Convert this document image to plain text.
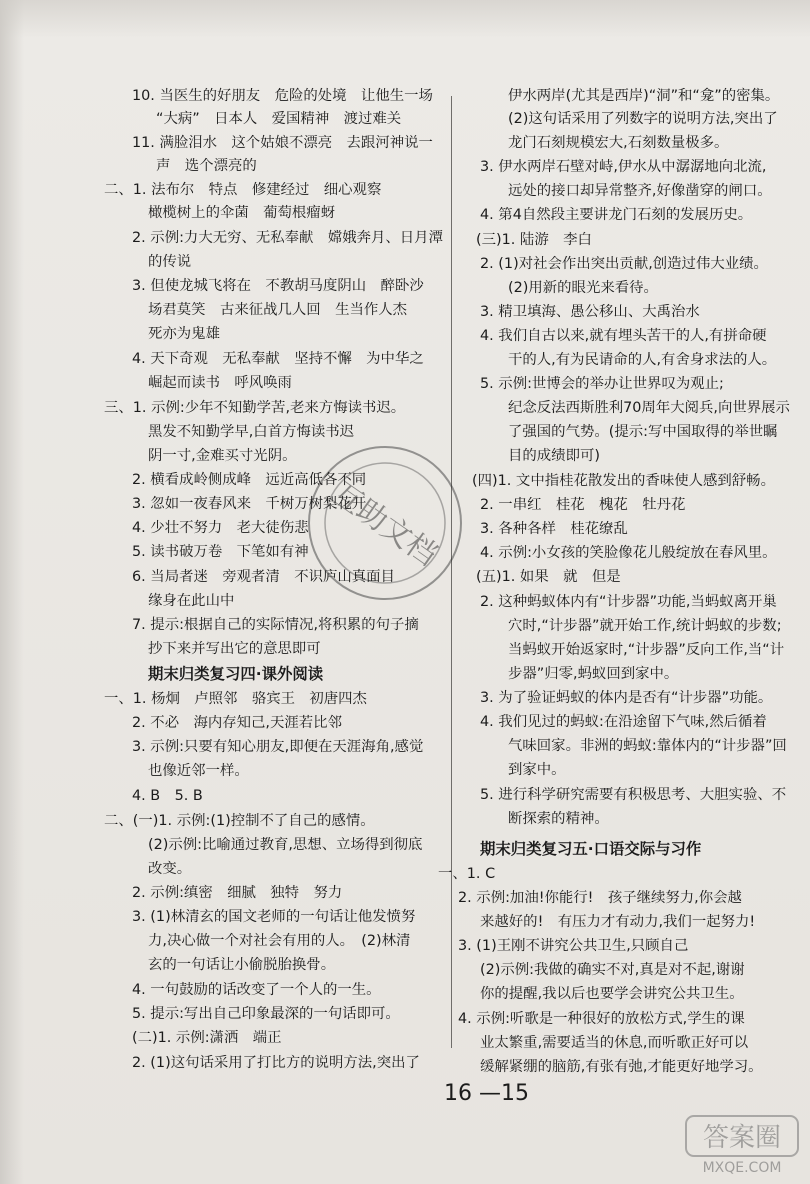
10. 当医生的好朋友　危险的处境　让他生一场
“大病”　日本人　爱国精神　渡过难关
11. 满脸泪水　这个姑娘不漂亮　去跟河神说一
声　选个漂亮的
二、1. 法布尔　特点　修建经过　细心观察
橄榄树上的伞菌　葡萄根瘤蚜
2. 示例:力大无穷、无私奉献　嫦娥奔月、日月潭
的传说
3. 但使龙城飞将在　不教胡马度阴山　醉卧沙
场君莫笑　古来征战几人回　生当作人杰
死亦为鬼雄
4. 天下奇观　无私奉献　坚持不懈　为中华之
崛起而读书　呼风唤雨
三、1. 示例:少年不知勤学苦,老来方悔读书迟。
黑发不知勤学早,白首方悔读书迟
阴一寸,金难买寸光阴。
2. 横看成岭侧成峰　远近高低各不同
3. 忽如一夜春风来　千树万树梨花开
4. 少壮不努力　老大徒伤悲
5. 读书破万卷　下笔如有神
6. 当局者迷　旁观者清　不识庐山真面目
缘身在此山中
7. 提示:根据自己的实际情况,将积累的句子摘
抄下来并写出它的意思即可
期末归类复习四·课外阅读
一、1. 杨炯　卢照邻　骆宾王　初唐四杰
2. 不必　海内存知己,天涯若比邻
3. 示例:只要有知心朋友,即便在天涯海角,感觉
也像近邻一样。
4. B　5. B
二、(一)1. 示例:(1)控制不了自己的感情。
(2)示例:比喻通过教育,思想、立场得到彻底
改变。
2. 示例:缜密　细腻　独特　努力
3. (1)林清玄的国文老师的一句话让他发愤努
力,决心做一个对社会有用的人。　(2)林清
玄的一句话让小偷脱胎换骨。
4. 一句鼓励的话改变了一个人的一生。
5. 提示:写出自己印象最深的一句话即可。
(二)1. 示例:潇洒　端正
2. (1)这句话采用了打比方的说明方法,突出了
伊水两岸(尤其是西岸)“洞”和“龛”的密集。
(2)这句话采用了列数字的说明方法,突出了
龙门石刻规模宏大,石刻数量极多。
3. 伊水两岸石壁对峙,伊水从中潺潺地向北流,
远处的接口却异常整齐,好像凿穿的闸口。
4. 第4自然段主要讲龙门石刻的发展历史。
(三)1. 陆游　李白
2. (1)对社会作出突出贡献,创造过伟大业绩。
(2)用新的眼光来看待。
3. 精卫填海、愚公移山、大禹治水
4. 我们自古以来,就有埋头苦干的人,有拼命硬
干的人,有为民请命的人,有舍身求法的人。
5. 示例:世博会的举办让世界叹为观止;
纪念反法西斯胜利70周年大阅兵,向世界展示
了强国的气势。(提示:写中国取得的举世瞩
目的成绩即可)
(四)1. 文中指桂花散发出的香味使人感到舒畅。
2. 一串红　桂花　槐花　牡丹花
3. 各种各样　桂花缭乱
4. 示例:小女孩的笑脸像花儿般绽放在春风里。
(五)1. 如果　就　但是
2. 这种蚂蚁体内有“计步器”功能,当蚂蚁离开巢
穴时,“计步器”就开始工作,统计蚂蚁的步数;
当蚂蚁开始返家时,“计步器”反向工作,当“计
步器”归零,蚂蚁回到家中。
3. 为了验证蚂蚁的体内是否有“计步器”功能。
4. 我们见过的蚂蚁:在沿途留下气味,然后循着
气味回家。非洲的蚂蚁:靠体内的“计步器”回
到家中。
5. 进行科学研究需要有积极思考、大胆实验、不
断探索的精神。
期末归类复习五·口语交际与习作
一、1. C
2. 示例:加油!你能行!　孩子继续努力,你会越
来越好的!　有压力才有动力,我们一起努力!
3. (1)王刚不讲究公共卫生,只顾自己
(2)示例:我做的确实不对,真是对不起,谢谢
你的提醒,我以后也要学会讲究公共卫生。
4. 示例:听歌是一种很好的放松方式,学生的课
业太繁重,需要适当的休息,而听歌正好可以
缓解紧绷的脑筋,有张有弛,才能更好地学习。
16 —15
互助文档
答案圈
MXQE.COM
